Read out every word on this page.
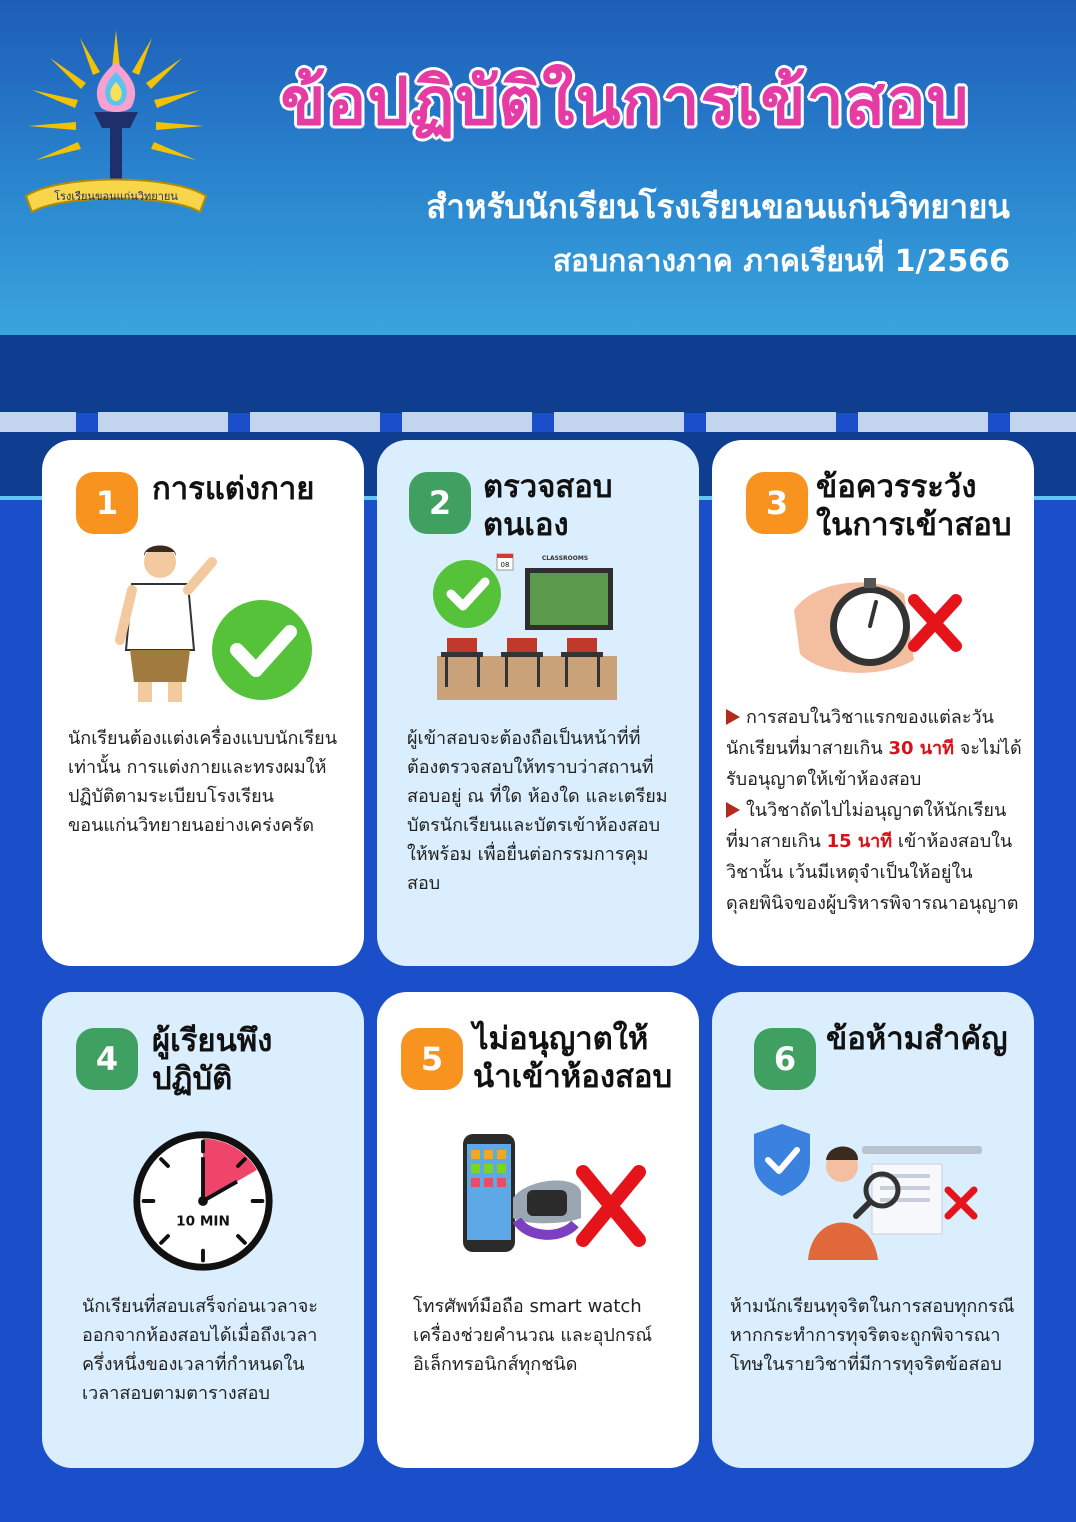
โรงเรียนขอนแก่นวิทยายน
ข้อปฏิบัติในการเข้าสอบ

สำหรับนักเรียนโรงเรียนขอนแก่นวิทยายน

สอบกลางภาค ภาคเรียนที่ 1/2566

1	การแต่งกาย

นักเรียนต้องแต่งเครื่องแบบนักเรียนเท่านั้น การแต่งกายและทรงผมให้ปฏิบัติตามระเบียบโรงเรียนขอนแก่นวิทยายนอย่างเคร่งครัด

2	ตรวจสอบ

ตนเอง

08
CLASSROOMS

ผู้เข้าสอบจะต้องถือเป็นหน้าที่ที่ต้องตรวจสอบให้ทราบว่าสถานที่สอบอยู่ ณ ที่ใด ห้องใด และเตรียมบัตรนักเรียนและบัตรเข้าห้องสอบให้พร้อม เพื่อยื่นต่อกรรมการคุมสอบ

3 ข้อควรระวัง

ในการเข้าสอบ

การสอบในวิชาแรกของแต่ละวัน นักเรียนที่มาสายเกิน 30 นาที จะไม่ได้รับอนุญาตให้เข้าห้องสอบ
ในวิชาถัดไปไม่อนุญาตให้นักเรียนที่มาสายเกิน 15 นาที เข้าห้องสอบในวิชานั้น เว้นมีเหตุจำเป็นให้อยู่ในดุลยพินิจของผู้บริหารพิจารณาอนุญาต

4	ผู้เรียนพึง

ปฏิบัติ

10 MIN

นักเรียนที่สอบเสร็จก่อนเวลาจะออกจากห้องสอบได้เมื่อถึงเวลาครึ่งหนึ่งของเวลาที่กำหนดในเวลาสอบตามตารางสอบ

5

ไม่อนุญาตให้

นำเข้าห้องสอบ

โทรศัพท์มือถือ smart watch เครื่องช่วยคำนวณ และอุปกรณ์อิเล็กทรอนิกส์ทุกชนิด

6

ข้อห้ามสำคัญ

ห้ามนักเรียนทุจริตในการสอบทุกกรณี หากกระทำการทุจริตจะถูกพิจารณาโทษในรายวิชาที่มีการทุจริตข้อสอบ
